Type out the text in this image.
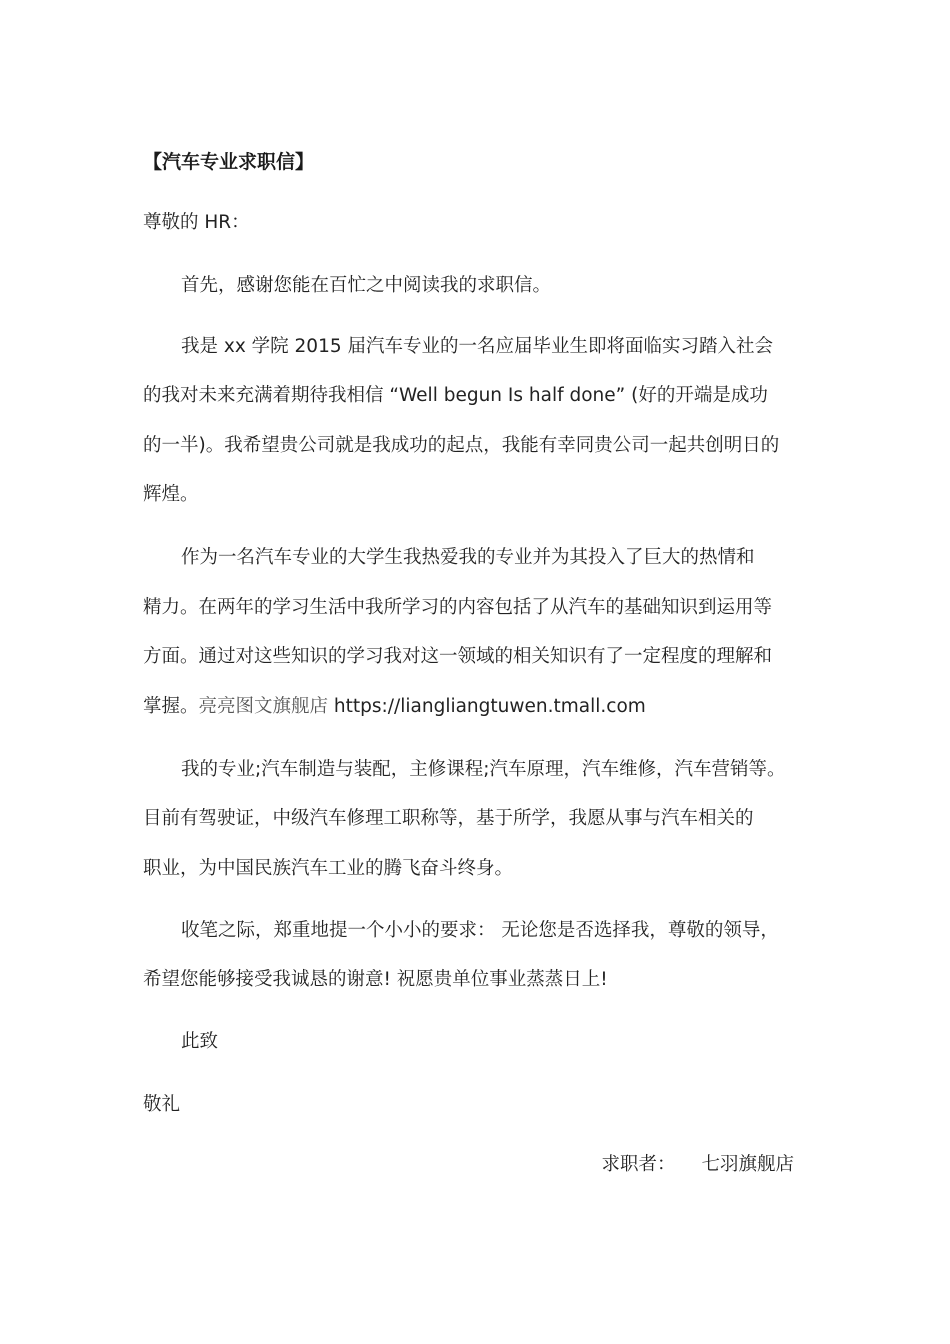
【汽车专业求职信】
尊敬的 HR：
首先，感谢您能在百忙之中阅读我的求职信。
我是 xx 学院 2015 届汽车专业的一名应届毕业生即将面临实习踏入社会
的我对未来充满着期待我相信 “Well begun Is half done” (好的开端是成功
的一半)。我希望贵公司就是我成功的起点，我能有幸同贵公司一起共创明日的
辉煌。
作为一名汽车专业的大学生我热爱我的专业并为其投入了巨大的热情和
精力。在两年的学习生活中我所学习的内容包括了从汽车的基础知识到运用等
方面。通过对这些知识的学习我对这一领域的相关知识有了一定程度的理解和
掌握。亮亮图文旗舰店 https://liangliangtuwen.tmall.com
我的专业;汽车制造与装配，主修课程;汽车原理，汽车维修，汽车营销等。
目前有驾驶证，中级汽车修理工职称等，基于所学，我愿从事与汽车相关的
职业，为中国民族汽车工业的腾飞奋斗终身。
收笔之际，郑重地提一个小小的要求： 无论您是否选择我，尊敬的领导，
希望您能够接受我诚恳的谢意! 祝愿贵单位事业蒸蒸日上!
此致
敬礼
求职者： 七羽旗舰店
